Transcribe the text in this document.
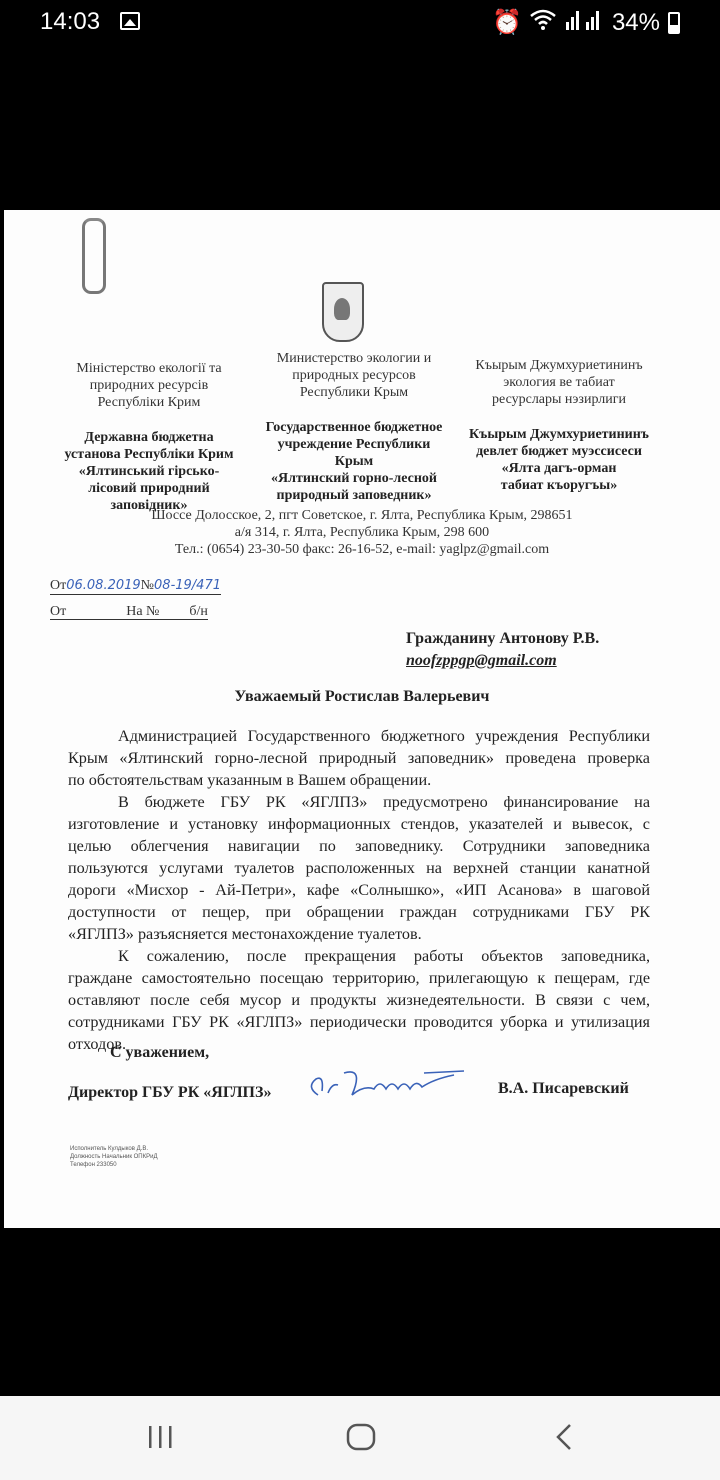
14:03	⏰	34%
Міністерство екології та
природних ресурсів
Республіки Крим
Державна бюджетна
установа Республіки Крим
«Ялтинський гірсько-
лісовий природний
заповідник»
Министерство экологии и
природных ресурсов
Республики Крым
Государственное бюджетное
учреждение Республики
Крым
«Ялтинский горно-лесной
природный заповедник»
Къырым Джумхуриетининъ
экология ве табиат
ресурслары нэзирлиги
Къырым Джумхуриетининъ
девлет бюджет муэссисеси
«Ялта дагъ-орман
табиат къоругъы»
Шоссе Долосское, 2, пгт Советское, г. Ялта, Республика Крым, 298651
а/я 314, г. Ялта, Республика Крым, 298 600
Тел.: (0654) 23-30-50 факс: 26-16-52, e-mail: yaglpz@gmail.com
От06.08.2019№08-19/471
От	На № б/н
Гражданину Антонову Р.В.
noofzppgp@gmail.com
Уважаемый Ростислав Валерьевич

Администрацией Государственного бюджетного учреждения Республики
Крым «Ялтинский горно-лесной природный заповедник» проведена проверка
по обстоятельствам указанным в Вашем обращении.

В бюджете ГБУ РК «ЯГЛПЗ» предусмотрено финансирование на
изготовление и установку информационных стендов, указателей и вывесок, с
целью облегчения навигации по заповеднику. Сотрудники заповедника
пользуются услугами туалетов расположенных на верхней станции канатной
дороги «Мисхор - Ай-Петри», кафе «Солнышко», «ИП Асанова» в шаговой
доступности от пещер, при обращении граждан сотрудниками ГБУ РК
«ЯГЛПЗ» разъясняется местонахождение туалетов.

К сожалению, после прекращения работы объектов заповедника,
граждане самостоятельно посещаю территорию, прилегающую к пещерам, где
оставляют после себя мусор и продукты жизнедеятельности. В связи с чем,
сотрудниками ГБУ РК «ЯГЛПЗ» периодически проводится уборка и утилизация
отходов.

С уважением,
Директор ГБУ РК «ЯГЛПЗ»	В.А. Писаревский
Исполнитель Кулдыков Д.В.
Должность Начальник ОПКРиД
Телефон 233050
